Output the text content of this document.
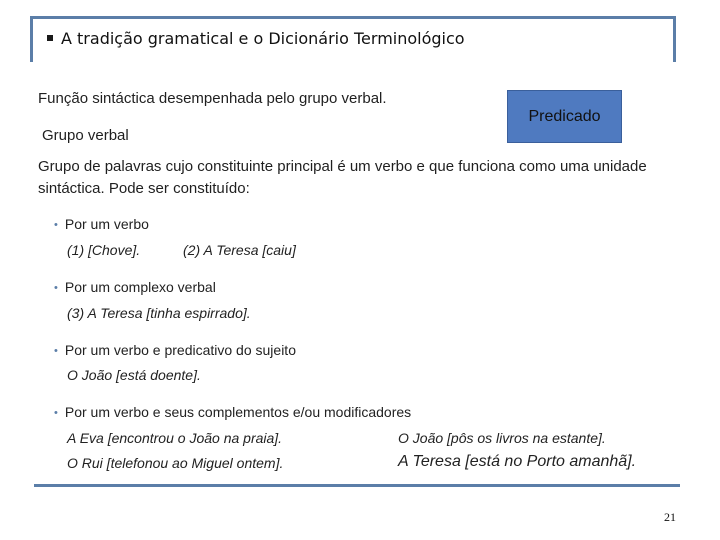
A tradição gramatical e o Dicionário Terminológico
Função sintáctica desempenhada pelo grupo verbal.
Predicado
Grupo verbal
Grupo de palavras cujo constituinte principal é um verbo e que funciona como uma unidade sintáctica. Pode ser constituído:
• Por um verbo
(1) [Chove].	(2) A Teresa [caiu]
• Por um complexo verbal
(3) A Teresa [tinha espirrado].
• Por um verbo e predicativo do sujeito
O João [está doente].
• Por um verbo e seus complementos e/ou modificadores
A Eva [encontrou o João na praia].	O João [pôs os livros na estante].
O Rui [telefonou ao Miguel ontem].	A Teresa [está no Porto amanhã].
21
